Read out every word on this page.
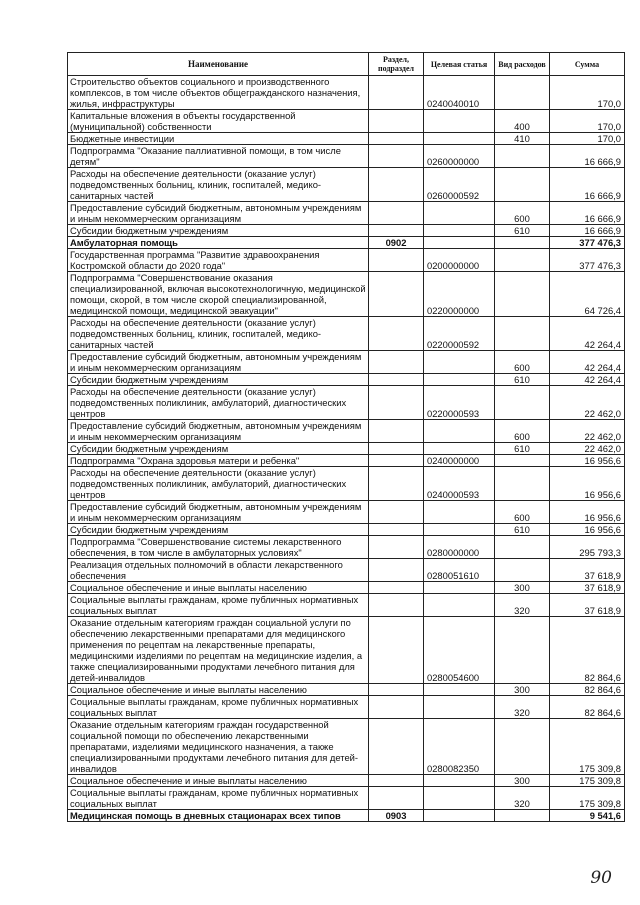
Наименование	Раздел, подраздел	Целевая статья	Вид расходов	Сумма
Строительство объектов социального и производственного комплексов, в том числе объектов общегражданского назначения, жилья, инфраструктуры		0240040010		170,0
Капитальные вложения в объекты государственной (муниципальной) собственности			400	170,0
Бюджетные инвестиции			410	170,0
Подпрограмма "Оказание паллиативной помощи, в том числе детям"		0260000000		16 666,9
Расходы на обеспечение деятельности (оказание услуг) подведомственных больниц, клиник, госпиталей, медико-санитарных частей		0260000592		16 666,9
Предоставление субсидий бюджетным, автономным учреждениям и иным некоммерческим организациям			600	16 666,9
Субсидии бюджетным учреждениям			610	16 666,9
Амбулаторная помощь	0902			377 476,3
Государственная программа "Развитие здравоохранения Костромской области до 2020 года"		0200000000		377 476,3
Подпрограмма "Совершенствование оказания специализированной, включая высокотехнологичную, медицинской помощи, скорой, в том числе скорой специализированной, медицинской помощи, медицинской эвакуации"		0220000000		64 726,4
Расходы на обеспечение деятельности (оказание услуг) подведомственных больниц, клиник, госпиталей, медико-санитарных частей		0220000592		42 264,4
Предоставление субсидий бюджетным, автономным учреждениям и иным некоммерческим организациям			600	42 264,4
Субсидии бюджетным учреждениям			610	42 264,4
Расходы на обеспечение деятельности (оказание услуг) подведомственных поликлиник, амбулаторий, диагностических центров		0220000593		22 462,0
Предоставление субсидий бюджетным, автономным учреждениям и иным некоммерческим организациям			600	22 462,0
Субсидии бюджетным учреждениям			610	22 462,0
Подпрограмма "Охрана здоровья матери и ребенка"		0240000000		16 956,6
Расходы на обеспечение деятельности (оказание услуг) подведомственных поликлиник, амбулаторий, диагностических центров		0240000593		16 956,6
Предоставление субсидий бюджетным, автономным учреждениям и иным некоммерческим организациям			600	16 956,6
Субсидии бюджетным учреждениям			610	16 956,6
Подпрограмма "Совершенствование системы лекарственного обеспечения, в том числе в амбулаторных условиях"		0280000000		295 793,3
Реализация отдельных полномочий в области лекарственного обеспечения		0280051610		37 618,9
Социальное обеспечение и иные выплаты населению			300	37 618,9
Социальные выплаты гражданам, кроме публичных нормативных социальных выплат			320	37 618,9
Оказание отдельным категориям граждан социальной услуги по обеспечению лекарственными препаратами для медицинского применения по рецептам на лекарственные препараты, медицинскими изделиями по рецептам на медицинские изделия, а также специализированными продуктами лечебного питания для детей-инвалидов		0280054600		82 864,6
Социальное обеспечение и иные выплаты населению			300	82 864,6
Социальные выплаты гражданам, кроме публичных нормативных социальных выплат			320	82 864,6
Оказание отдельным категориям граждан государственной социальной помощи по обеспечению лекарственными препаратами, изделиями медицинского назначения, а также специализированными продуктами лечебного питания для детей-инвалидов		0280082350		175 309,8
Социальное обеспечение и иные выплаты населению			300	175 309,8
Социальные выплаты гражданам, кроме публичных нормативных социальных выплат			320	175 309,8
Медицинская помощь в дневных стационарах всех типов	0903			9 541,6
90
